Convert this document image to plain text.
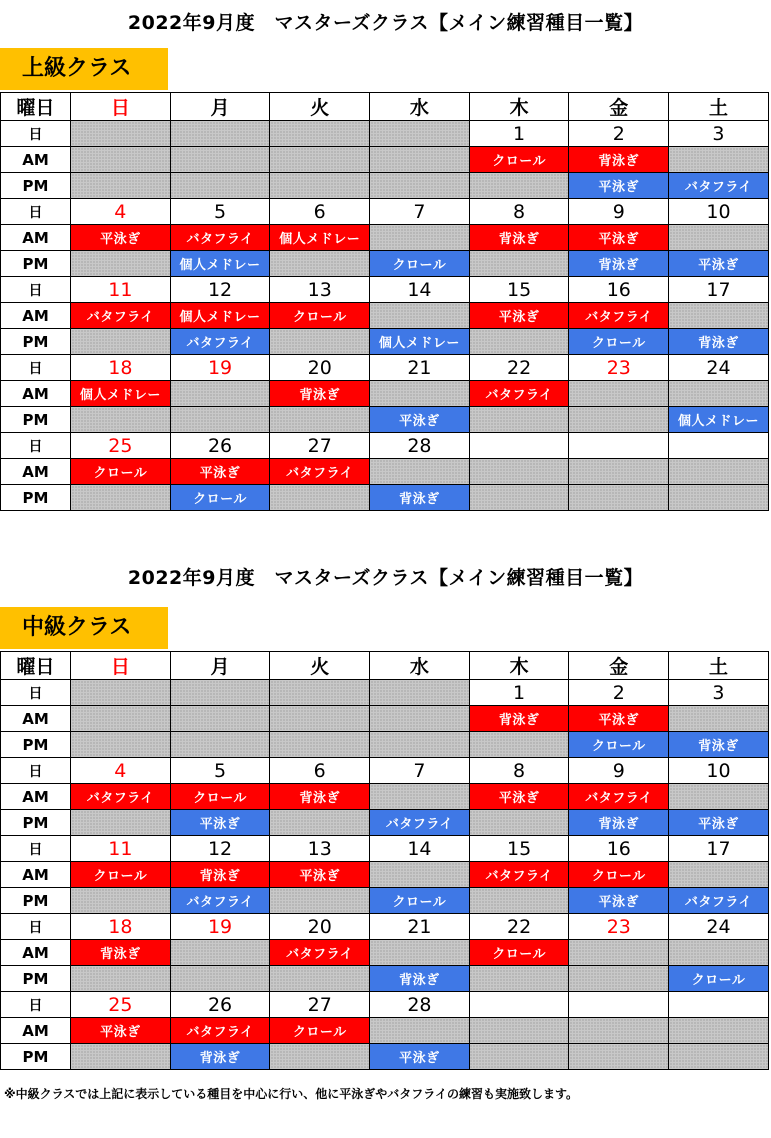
2022年9月度　マスターズクラス【メイン練習種目一覧】
上級クラス
曜日	日	月	火	水	木	金	土
日					1	2	3
AM					クロール	背泳ぎ	
PM						平泳ぎ	バタフライ
日	4	5	6	7	8	9	10
AM	平泳ぎ	バタフライ	個人メドレー		背泳ぎ	平泳ぎ	
PM		個人メドレー		クロール		背泳ぎ	平泳ぎ
日	11	12	13	14	15	16	17
AM	バタフライ	個人メドレー	クロール		平泳ぎ	バタフライ	
PM		バタフライ		個人メドレー		クロール	背泳ぎ
日	18	19	20	21	22	23	24
AM	個人メドレー		背泳ぎ		バタフライ		
PM				平泳ぎ			個人メドレー
日	25	26	27	28			
AM	クロール	平泳ぎ	バタフライ				
PM		クロール		背泳ぎ			
2022年9月度　マスターズクラス【メイン練習種目一覧】
中級クラス
曜日	日	月	火	水	木	金	土
日					1	2	3
AM					背泳ぎ	平泳ぎ	
PM						クロール	背泳ぎ
日	4	5	6	7	8	9	10
AM	バタフライ	クロール	背泳ぎ		平泳ぎ	バタフライ	
PM		平泳ぎ		バタフライ		背泳ぎ	平泳ぎ
日	11	12	13	14	15	16	17
AM	クロール	背泳ぎ	平泳ぎ		バタフライ	クロール	
PM		バタフライ		クロール		平泳ぎ	バタフライ
日	18	19	20	21	22	23	24
AM	背泳ぎ		バタフライ		クロール		
PM				背泳ぎ			クロール
日	25	26	27	28			
AM	平泳ぎ	バタフライ	クロール				
PM		背泳ぎ		平泳ぎ			
※中級クラスでは上記に表示している種目を中心に行い、他に平泳ぎやバタフライの練習も実施致します。
